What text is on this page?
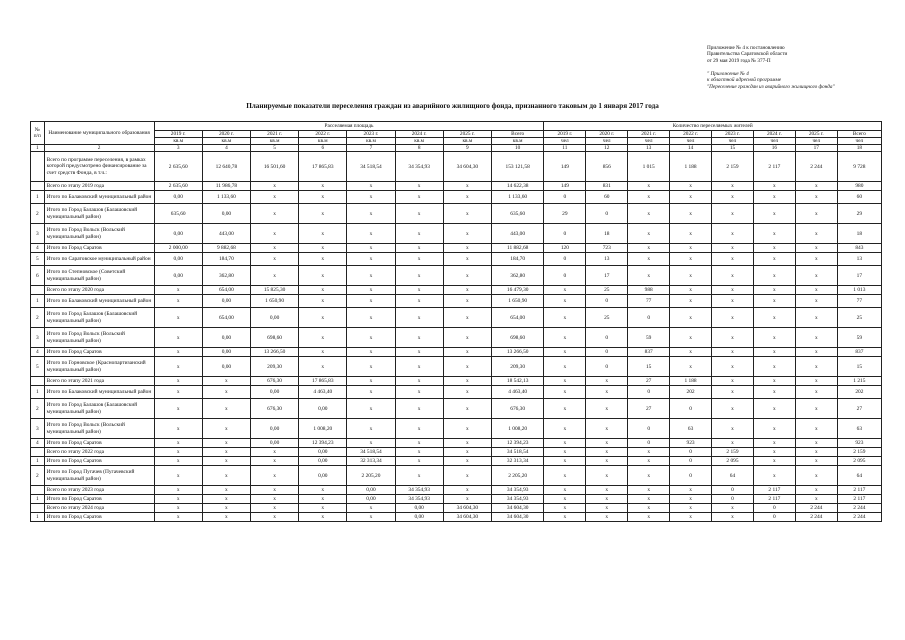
Приложение № 4 к постановлению
Правительства Саратовской области
от 29 мая 2019 года № 377-П
" Приложение № 4
к областной адресной программе
"Переселение граждан из аварийного жилищного фонда"
Планируемые показатели переселения граждан из аварийного жилищного фонда, признанного таковым до 1 января 2017 года
№ п/п	Наименование муниципального образования	Расселяемая площадь								Количество переселяемых жителей							
		2019 г.	2020 г.	2021 г.	2022 г.	2023 г.	2024 г.	2025 г.	Всего	2019 г.	2020 г.	2021 г.	2022 г.	2023 г.	2024 г.	2025 г.	Всего
		кв.м	кв.м	кв.м	кв.м	кв.м	кв.м	кв.м	кв.м	чел	чел	чел	чел	чел	чел	чел	чел
1	2	3	4	5	6	7	8	9	10	11	12	13	14	15	16	17	18
	Всего по программе переселения, в рамках которой предусмотрено финансирование за счет средств Фонда, в т.ч.:	2 635,60	12 640,78	16 501,60	17 865,83	34 518,54	34 354,93	34 604,30	153 121,58	149	856	1 015	1 188	2 159	2 117	2 244	9 728
	Всего по этапу 2019 года	2 635,60	11 986,78	х	х	х	х	х	14 622,38	149	831	х	х	х	х	х	980
1	Итого по Балаковский муниципальный район	0,00	1 133,60	х	х	х	х	х	1 133,60	0	60	х	х	х	х	х	60
2	Итого по Город Балашов (Балашовский муниципальный район)	635,60	0,00	х	х	х	х	х	635,60	29	0	х	х	х	х	х	29
3	Итого по Город Вольск (Вольский муниципальный район)	0,00	443,00	х	х	х	х	х	443,00	0	18	х	х	х	х	х	18
4	Итого по Город Саратов	2 000,00	9 882,68	х	х	х	х	х	11 882,68	120	723	х	х	х	х	х	843
5	Итого по Саратовское муниципальный район	0,00	184,70	х	х	х	х	х	184,70	0	13	х	х	х	х	х	13
6	Итого по Степновское (Советский муниципальный район)	0,00	362,80	х	х	х	х	х	362,80	0	17	х	х	х	х	х	17
	Всего по этапу 2020 года	х	654,00	15 825,30	х	х	х	х	16 479,30	х	25	988	х	х	х	х	1 013
1	Итого по Балаковский муниципальный район	х	0,00	1 650,90	х	х	х	х	1 650,90	х	0	77	х	х	х	х	77
2	Итого по Город Балашов (Балашовский муниципальный район)	х	654,00	0,00	х	х	х	х	654,00	х	25	0	х	х	х	х	25
3	Итого по Город Вольск (Вольский муниципальный район)	х	0,00	698,60	х	х	х	х	698,60	х	0	59	х	х	х	х	59
4	Итого по Город Саратов	х	0,00	13 266,50	х	х	х	х	13 266,50	х	0	837	х	х	х	х	837
5	Итого по Горновское (Краснопартизанский муниципальный район)	х	0,00	209,30	х	х	х	х	209,30	х	0	15	х	х	х	х	15
	Всего по этапу 2021 года	х	х	676,30	17 865,83	х	х	х	18 542,13	х	х	27	1 188	х	х	х	1 215
1	Итого по Балаковский муниципальный район	х	х	0,00	4 463,40	х	х	х	4 463,40	х	х	0	202	х	х	х	202
2	Итого по Город Балашов (Балашовский муниципальный район)	х	х	676,30	0,00	х	х	х	676,30	х	х	27	0	х	х	х	27
3	Итого по Город Вольск (Вольский муниципальный район)	х	х	0,00	1 008,20	х	х	х	1 008,20	х	х	0	63	х	х	х	63
4	Итого по Город Саратов	х	х	0,00	12 394,23	х	х	х	12 394,23	х	х	0	923	х	х	х	923
	Всего по этапу 2022 года	х	х	х	0,00	34 518,54	х	х	34 518,54	х	х	х	0	2 159	х	х	2 159
1	Итого по Город Саратов	х	х	х	0,00	32 313,34	х	х	32 313,34	х	х	х	0	2 095	х	х	2 095
2	Итого по Город Пугачев (Пугачевский муниципальный район)	х	х	х	0,00	2 205,20	х	х	2 205,20	х	х	х	0	64	х	х	64
	Всего по этапу 2023 года	х	х	х	х	0,00	34 354,93	х	34 354,93	х	х	х	х	0	2 117	х	2 117
1	Итого по Город Саратов	х	х	х	х	0,00	34 354,93	х	34 354,93	х	х	х	х	0	2 117	х	2 117
	Всего по этапу 2024 года	х	х	х	х	х	0,00	34 604,30	34 604,30	х	х	х	х	х	0	2 244	2 244
1	Итого по Город Саратов	х	х	х	х	х	0,00	34 604,30	34 604,30	х	х	х	х	х	0	2 244	2 244
